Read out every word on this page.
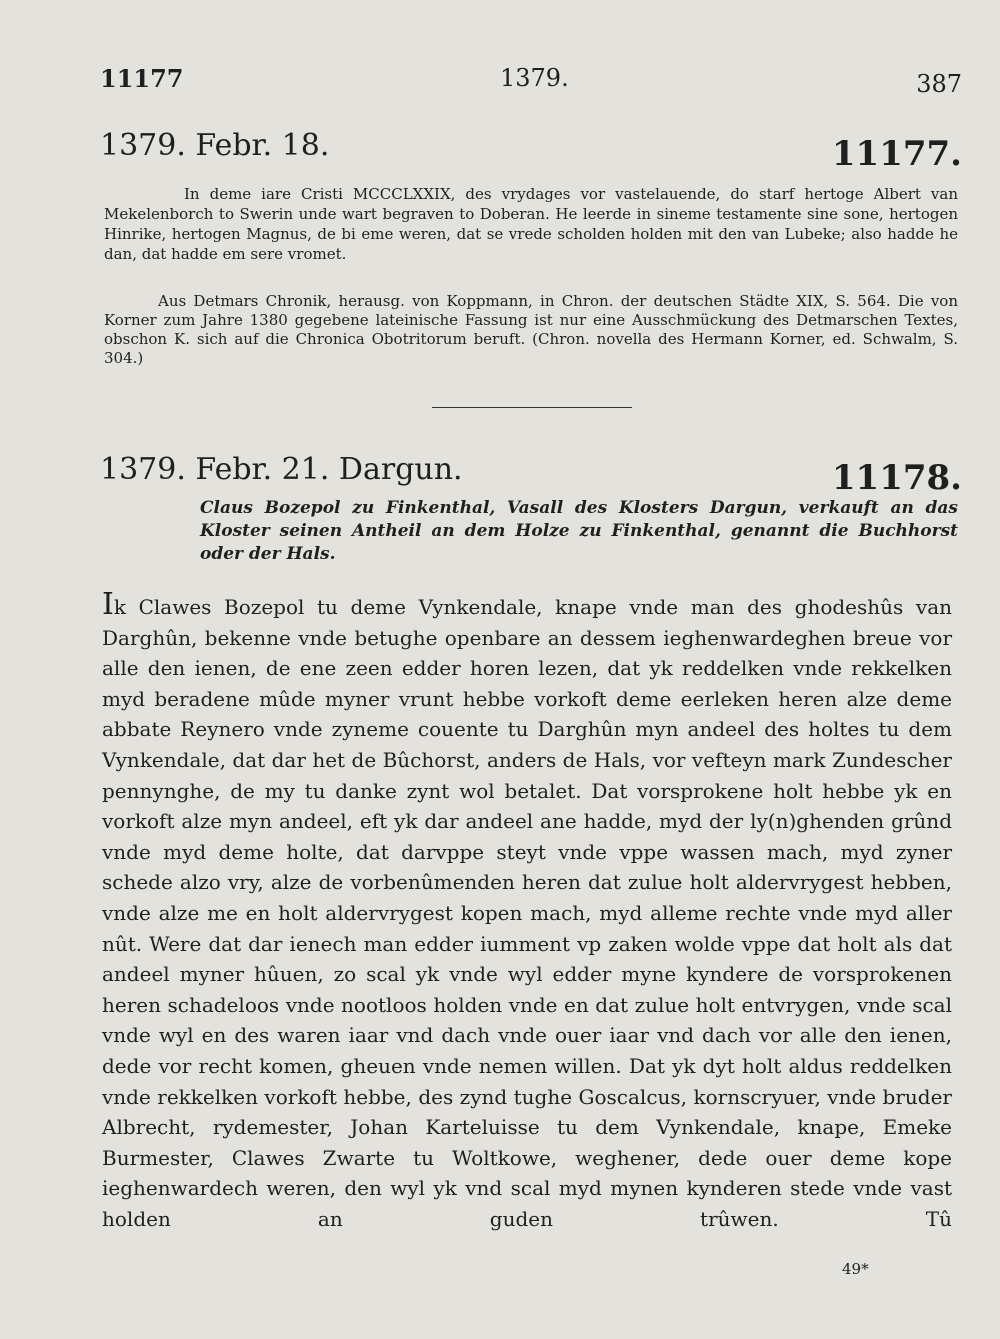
11177	1379.	387
1379. Febr. 18.	11177.

In deme iare Cristi MCCCLXXIX, des vrydages vor vastelauende, do starf hertoge Albert van Mekelenborch to Swerin unde wart begraven to Doberan. He leerde in sineme testamente sine sone, hertogen Hinrike, hertogen Magnus, de bi eme weren, dat se vrede scholden holden mit den van Lubeke; also hadde he dan, dat hadde em sere vromet.

Aus Detmars Chronik, herausg. von Koppmann, in Chron. der deutschen Städte XIX, S. 564. Die von Korner zum Jahre 1380 gegebene lateinische Fassung ist nur eine Ausschmückung des Detmarschen Textes, obschon K. sich auf die Chronica Obotritorum beruft. (Chron. novella des Hermann Korner, ed. Schwalm, S. 304.)

1379. Febr. 21. Dargun.	11178.

Claus Bozepol zu Finkenthal, Vasall des Klosters Dargun, verkauft an das Kloster seinen Antheil an dem Holze zu Finkenthal, genannt die Buchhorst oder der Hals.

Ik Clawes Bozepol tu deme Vynkendale, knape vnde man des ghodeshûs van Darghûn, bekenne vnde betughe openbare an dessem ieghenwardeghen breue vor alle den ienen, de ene zeen edder horen lezen, dat yk reddelken vnde rekkelken myd beradene mûde myner vrunt hebbe vorkoft deme eerleken heren alze deme abbate Reynero vnde zyneme couente tu Darghûn myn andeel des holtes tu dem Vynkendale, dat dar het de Bûchorst, anders de Hals, vor vefteyn mark Zundescher pennynghe, de my tu danke zynt wol betalet. Dat vorsprokene holt hebbe yk en vorkoft alze myn andeel, eft yk dar andeel ane hadde, myd der ly(n)ghenden grûnd vnde myd deme holte, dat darvppe steyt vnde vppe wassen mach, myd zyner schede alzo vry, alze de vorbenûmenden heren dat zulue holt aldervrygest hebben, vnde alze me en holt aldervrygest kopen mach, myd alleme rechte vnde myd aller nût. Were dat dar ienech man edder iumment vp zaken wolde vppe dat holt als dat andeel myner hûuen, zo scal yk vnde wyl edder myne kyndere de vorsprokenen heren schadeloos vnde nootloos holden vnde en dat zulue holt entvrygen, vnde scal vnde wyl en des waren iaar vnd dach vnde ouer iaar vnd dach vor alle den ienen, dede vor recht komen, gheuen vnde nemen willen. Dat yk dyt holt aldus reddelken vnde rekkelken vorkoft hebbe, des zynd tughe Goscalcus, kornscryuer, vnde bruder Albrecht, rydemester, Johan Karteluisse tu dem Vynkendale, knape, Emeke Burmester, Clawes Zwarte tu Woltkowe, weghener, dede ouer deme kope ieghenwardech weren, den wyl yk vnd scal myd mynen kynderen stede vnde vast holden an guden trûwen. Tû

49*
